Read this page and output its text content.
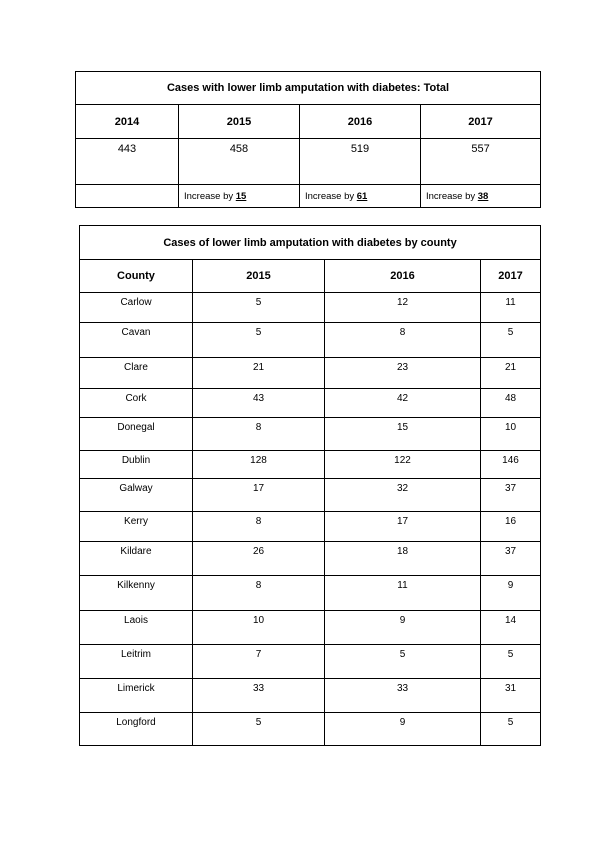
Cases with lower limb amputation with diabetes: Total			
2014	2015	2016	2017
443	458	519	557
	Increase by 15	Increase by 61	Increase by 38
Cases of lower limb amputation with diabetes by county			
County	2015	2016	2017
Carlow	5	12	11
Cavan	5	8	5
Clare	21	23	21
Cork	43	42	48
Donegal	8	15	10
Dublin	128	122	146
Galway	17	32	37
Kerry	8	17	16
Kildare	26	18	37
Kilkenny	8	11	9
Laois	10	9	14
Leitrim	7	5	5
Limerick	33	33	31
Longford	5	9	5
